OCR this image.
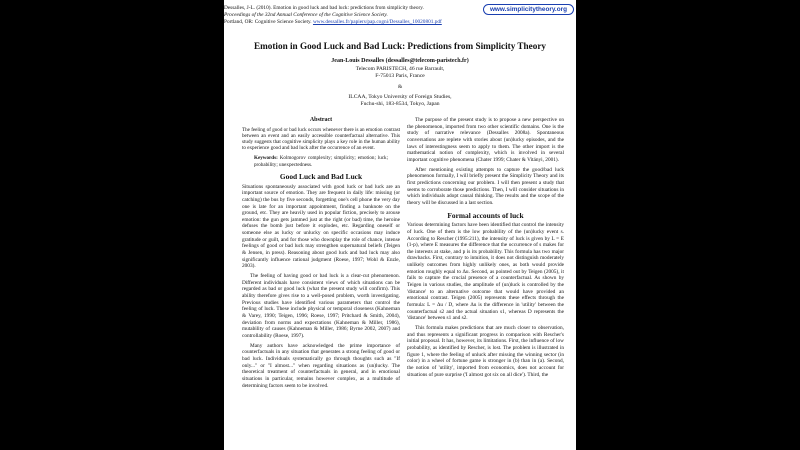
Dessalles, J-L. (2010). Emotion in good luck and bad luck: predictions from simplicity theory.
Proceedings of the 32nd Annual Conference of the Cognitive Science Society.
Portland, OR: Cognitive Science Society. www.dessalles.fr/papiers/pap.cogni/Dessalles_10020801.pdf
www.simplicitytheory.org
Emotion in Good Luck and Bad Luck: Predictions from Simplicity Theory
Jean-Louis Dessalles (dessalles@telecom-paristech.fr)
Telecom PARISTECH, 46 rue Barrault,
F-75013 Paris, France
&
ILCAA, Tokyo University of Foreign Studies,
Fuchu-shi, 183-8534, Tokyo, Japan
Abstract

The feeling of good or bad luck occurs whenever there is an emotion contrast between an event and an easily accessible counterfactual alternative. This study suggests that cognitive simplicity plays a key role in the human ability to experience good and bad luck after the occurrence of an event.

Keywords: Kolmogorov complexity; simplicity; emotion; luck; probability; unexpectedness.

Good Luck and Bad Luck

Situations spontaneously associated with good luck or bad luck are an important source of emotion. They are frequent in daily life: missing (or catching) the bus by five seconds, forgetting one's cell phone the very day one is late for an important appointment, finding a banknote on the ground, etc. They are heavily used in popular fiction, precisely to arouse emotion: the gun gets jammed just at the right (or bad) time, the heroine defuses the bomb just before it explodes, etc. Regarding oneself or someone else as lucky or unlucky on specific occasions may induce gratitude or guilt, and for those who downplay the role of chance, intense feelings of good or bad luck may strengthen supernatural beliefs (Teigen & Jensen, in press). Reasoning about good luck and bad luck may also significantly influence rational judgment (Roese, 1997; Wohl & Enzle, 2003).

The feeling of having good or bad luck is a clear-cut phenomenon. Different individuals have consistent views of which situations can be regarded as bad or good luck (what the present study will confirm). This ability therefore gives rise to a well-posed problem, worth investigating. Previous studies have identified various parameters that control the feeling of luck. These include physical or temporal closeness (Kahneman & Varey, 1990; Teigen, 1996; Roese, 1997; Pritchard & Smith, 2004), deviation from norms and expectations (Kahneman & Miller, 1986), mutability of causes (Kahneman & Miller, 1986; Byrne 2002, 2007) and controllability (Roese, 1997).

Many authors have acknowledged the prime importance of counterfactuals in any situation that generates a strong feeling of good or bad luck. Individuals systematically go through thoughts such as "If only..." or "I almost..." when regarding situations as (un)lucky. The theoretical treatment of counterfactuals in general, and in emotional situations in particular, remains however complex, as a multitude of determining factors seem to be involved.

The purpose of the present study is to propose a new perspective on the phenomenon, imported from two other scientific domains. One is the study of narrative relevance (Dessalles 2008a). Spontaneous conversations are replete with stories about (un)lucky episodes, and the laws of interestingness seem to apply to them. The other import is the mathematical notion of complexity, which is involved in several important cognitive phenomena (Chater 1999; Chater & Vitányi, 2001).

After mentioning existing attempts to capture the good/bad luck phenomenon formally, I will briefly present the Simplicity Theory and its first predictions concerning our problem. I will then present a study that seems to corroborate those predictions. Then, I will consider situations in which individuals adopt causal thinking. The results and the scope of the theory will be discussed in a last section.

Formal accounts of luck

Various determining factors have been identified that control the intensity of luck. One of them is the low probability of the (un)lucky event s. According to Rescher (1995:211), the intensity of luck is given by L = E (1-p), where E measures the difference that the occurrence of s makes for the interests at stake, and p is its probability. This formula has two major drawbacks. First, contrary to intuition, it does not distinguish moderately unlikely outcomes from highly unlikely ones, as both would provide emotion roughly equal to Δu. Second, as pointed out by Teigen (2005), it fails to capture the crucial presence of a counterfactual. As shown by Teigen in various studies, the amplitude of (un)luck is controlled by the 'distance' to an alternative outcome that would have provided an emotional contrast. Teigen (2005) represents these effects through the formula: L = Δu / D, where Δu is the difference in 'utility' between the counterfactual s2 and the actual situation s1, whereas D represents the 'distance' between s1 and s2.

This formula makes predictions that are much closer to observation, and thus represents a significant progress in comparison with Rescher's initial proposal. It has, however, its limitations. First, the influence of low probability, as identified by Rescher, is lost. The problem is illustrated in figure 1, where the feeling of unluck after missing the winning sector (in color) in a wheel of fortune game is stronger in (b) than in (a). Second, the notion of 'utility', imported from economics, does not account for situations of pure surprise ('I almost got six on all dice'). Third, the
